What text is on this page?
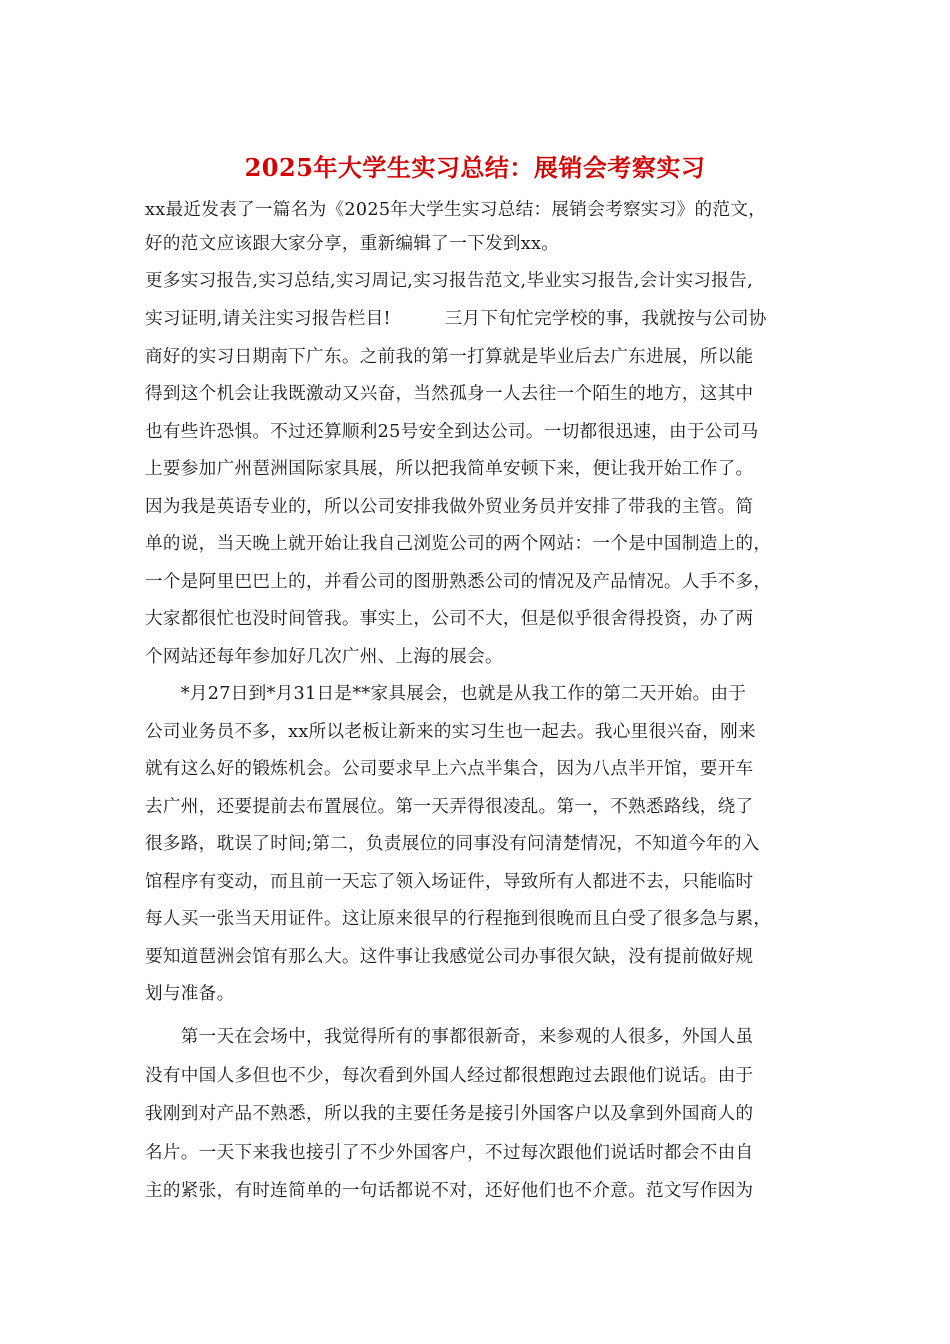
2025年大学生实习总结：展销会考察实习
xx最近发表了一篇名为《2025年大学生实习总结：展销会考察实习》的范文，
好的范文应该跟大家分享，重新编辑了一下发到xx。
更多实习报告,实习总结,实习周记,实习报告范文,毕业实习报告,会计实习报告,
实习证明,请关注实习报告栏目!　　　三月下旬忙完学校的事，我就按与公司协
商好的实习日期南下广东。之前我的第一打算就是毕业后去广东进展，所以能
得到这个机会让我既激动又兴奋，当然孤身一人去往一个陌生的地方，这其中
也有些许恐惧。不过还算顺利25号安全到达公司。一切都很迅速，由于公司马
上要参加广州琶洲国际家具展，所以把我简单安顿下来，便让我开始工作了。
因为我是英语专业的，所以公司安排我做外贸业务员并安排了带我的主管。简
单的说，当天晚上就开始让我自己浏览公司的两个网站：一个是中国制造上的，
一个是阿里巴巴上的，并看公司的图册熟悉公司的情况及产品情况。人手不多，
大家都很忙也没时间管我。事实上，公司不大，但是似乎很舍得投资，办了两
个网站还每年参加好几次广州、上海的展会。
　　*月27日到*月31日是**家具展会，也就是从我工作的第二天开始。由于
公司业务员不多，xx所以老板让新来的实习生也一起去。我心里很兴奋，刚来
就有这么好的锻炼机会。公司要求早上六点半集合，因为八点半开馆，要开车
去广州，还要提前去布置展位。第一天弄得很凌乱。第一，不熟悉路线，绕了
很多路，耽误了时间;第二，负责展位的同事没有问清楚情况，不知道今年的入
馆程序有变动，而且前一天忘了领入场证件，导致所有人都进不去，只能临时
每人买一张当天用证件。这让原来很早的行程拖到很晚而且白受了很多急与累，
要知道琶洲会馆有那么大。这件事让我感觉公司办事很欠缺，没有提前做好规
划与准备。
　　第一天在会场中，我觉得所有的事都很新奇，来参观的人很多，外国人虽
没有中国人多但也不少，每次看到外国人经过都很想跑过去跟他们说话。由于
我刚到对产品不熟悉，所以我的主要任务是接引外国客户以及拿到外国商人的
名片。一天下来我也接引了不少外国客户，不过每次跟他们说话时都会不由自
主的紧张，有时连简单的一句话都说不对，还好他们也不介意。范文写作因为
